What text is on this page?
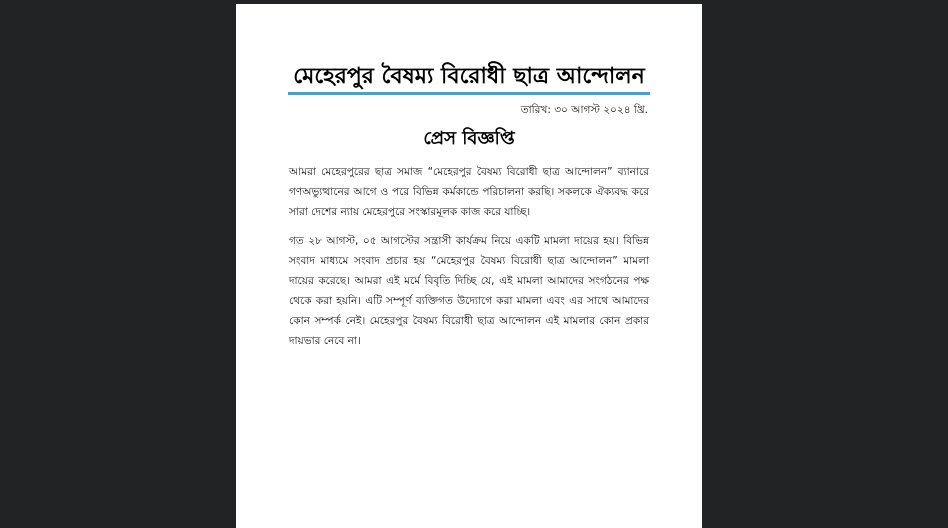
মেহেরপুর বৈষম্য বিরোধী ছাত্র আন্দোলন
তারিখ: ৩০ আগস্ট ২০২৪ খ্রি.
প্রেস বিজ্ঞপ্তি

আমরা মেহেরপুরের ছাত্র সমাজ “মেহেরপুর বৈষম্য বিরোধী ছাত্র আন্দোলন” ব্যানারে গণঅভ্যুত্থানের আগে ও পরে বিভিন্ন কর্মকান্ডে পরিচালনা করছি। সকলকে ঐক্যবদ্ধ করে সারা দেশের ন্যায় মেহেরপুরে সংস্কারমূলক কাজ করে যাচ্ছি।

গত ২৮ আগস্ট, ০৫ আগস্টের সন্ত্রাসী কার্যক্রম নিয়ে একটি মামলা দায়ের হয়। বিভিন্ন সংবাদ মাধ্যমে সংবাদ প্রচার হয় “মেহেরপুর বৈষম্য বিরোধী ছাত্র আন্দোলন” মামলা দায়ের করেছে। আমরা এই মর্মে বিবৃতি দিচ্ছি যে, এই মামলা আমাদের সংগঠনের পক্ষ থেকে করা হয়নি। এটি সম্পূর্ণ ব্যক্তিগত উদ্যোগে করা মামলা এবং এর সাথে আমাদের কোন সম্পর্ক নেই। মেহেরপুর বৈষম্য বিরোধী ছাত্র আন্দোলন এই মামলার কোন প্রকার দায়ভার নেবে না।
